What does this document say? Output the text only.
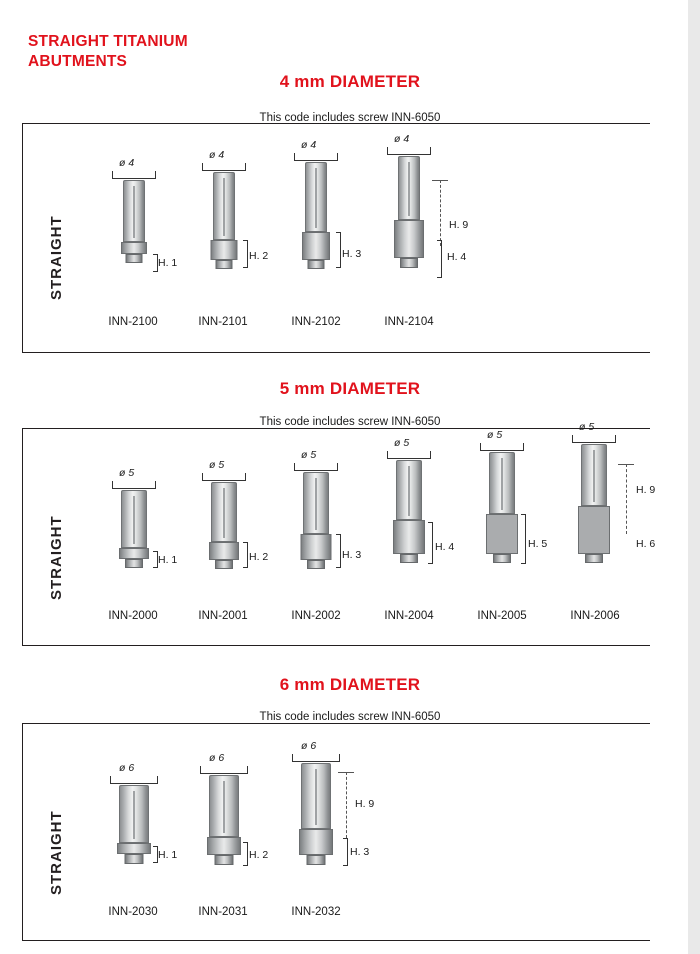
STRAIGHT TITANIUM
ABUTMENTS
4 mm DIAMETER
This code includes screw INN-6050
STRAIGHT
ø 4
H. 1
INN-2100
ø 4
H. 2
INN-2101
ø 4
H. 3
INN-2102
ø 4
H. 9
H. 4
INN-2104
5 mm DIAMETER
This code includes screw INN-6050
STRAIGHT
ø 5
H. 1
INN-2000
ø 5
H. 2
INN-2001
ø 5
H. 3
INN-2002
ø 5
H. 4
INN-2004
ø 5
H. 5
INN-2005
ø 5
H. 9
H. 6
INN-2006
6 mm DIAMETER
This code includes screw INN-6050
STRAIGHT
ø 6
H. 1
INN-2030
ø 6
H. 2
INN-2031
ø 6
H. 9
H. 3
INN-2032
